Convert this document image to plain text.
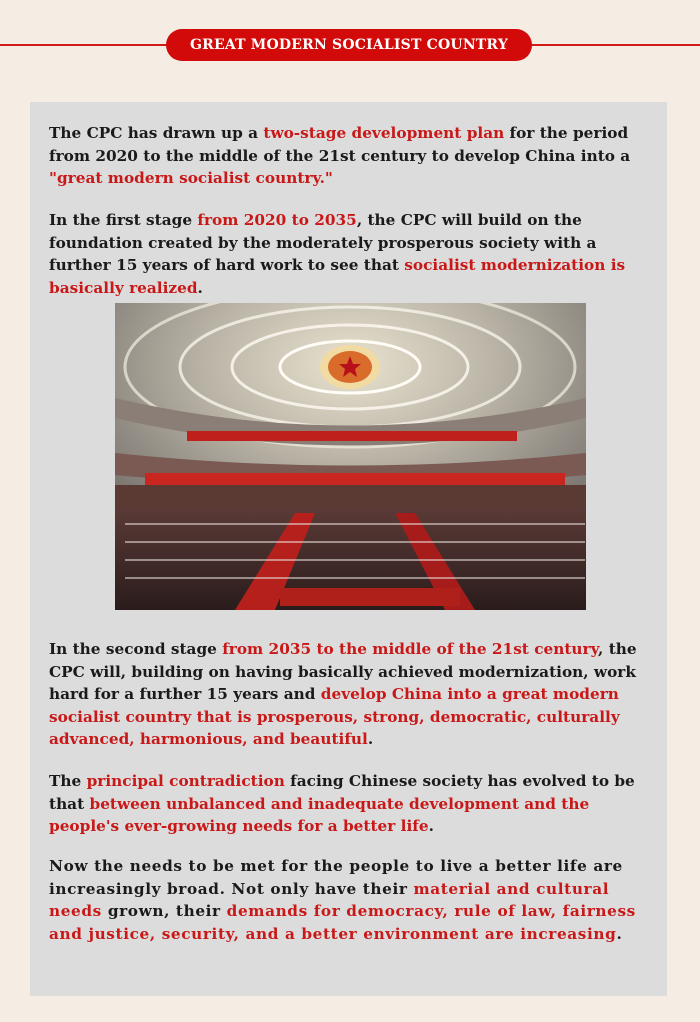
GREAT MODERN SOCIALIST COUNTRY

The CPC has drawn up a two-stage development plan for the period from 2020 to the middle of the 21st century to develop China into a "great modern socialist country."

In the first stage from 2020 to 2035, the CPC will build on the foundation created by the moderately prosperous society with a further 15 years of hard work to see that socialist modernization is basically realized.

In the second stage from 2035 to the middle of the 21st century, the CPC will, building on having basically achieved modernization, work hard for a further 15 years and develop China into a great modern socialist country that is prosperous, strong, democratic, culturally advanced, harmonious, and beautiful.

The principal contradiction facing Chinese society has evolved to be that between unbalanced and inadequate development and the people's ever-growing needs for a better life.

Now the needs to be met for the people to live a better life are increasingly broad. Not only have their material and cultural needs grown, their demands for democracy, rule of law, fairness and justice, security, and a better environment are increasing.
